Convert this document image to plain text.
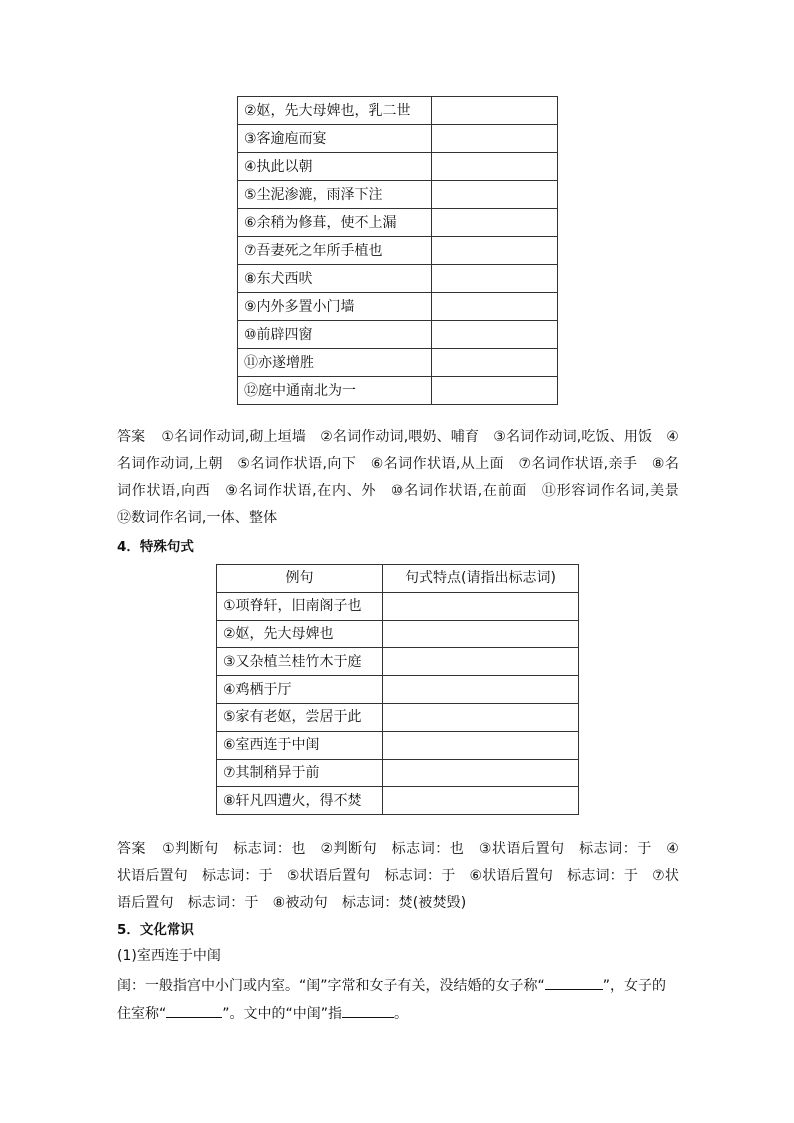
②妪，先大母婢也，乳二世	
③客逾庖而宴	
④执此以朝	
⑤尘泥渗漉，雨泽下注	
⑥余稍为修葺，使不上漏	
⑦吾妻死之年所手植也	
⑧东犬西吠	
⑨内外多置小门墙	
⑩前辟四窗	
⑪亦遂增胜	
⑫庭中通南北为一	
答案 ①名词作动词,砌上垣墙　②名词作动词,喂奶、哺育　③名词作动词,吃饭、用饭　④名词作动词,上朝　⑤名词作状语,向下　⑥名词作状语,从上面　⑦名词作状语,亲手　⑧名词作状语,向西　⑨名词作状语,在内、外　⑩名词作状语,在前面　⑪形容词作名词,美景　⑫数词作名词,一体、整体
4．特殊句式
例句	句式特点(请指出标志词)
①项脊轩，旧南阁子也	
②妪，先大母婢也	
③又杂植兰桂竹木于庭	
④鸡栖于厅	
⑤家有老妪，尝居于此	
⑥室西连于中闺	
⑦其制稍异于前	
⑧轩凡四遭火，得不焚	
答案 ①判断句　标志词：也　②判断句　标志词：也　③状语后置句　标志词：于　④状语后置句　标志词：于　⑤状语后置句　标志词：于　⑥状语后置句　标志词：于　⑦状语后置句　标志词：于　⑧被动句　标志词：焚(被焚毁)
5．文化常识
(1)室西连于中闺
闺：一般指宫中小门或内室。“闺”字常和女子有关，没结婚的女子称“	”，女子的
住室称“	”。文中的“中闺”指	。
